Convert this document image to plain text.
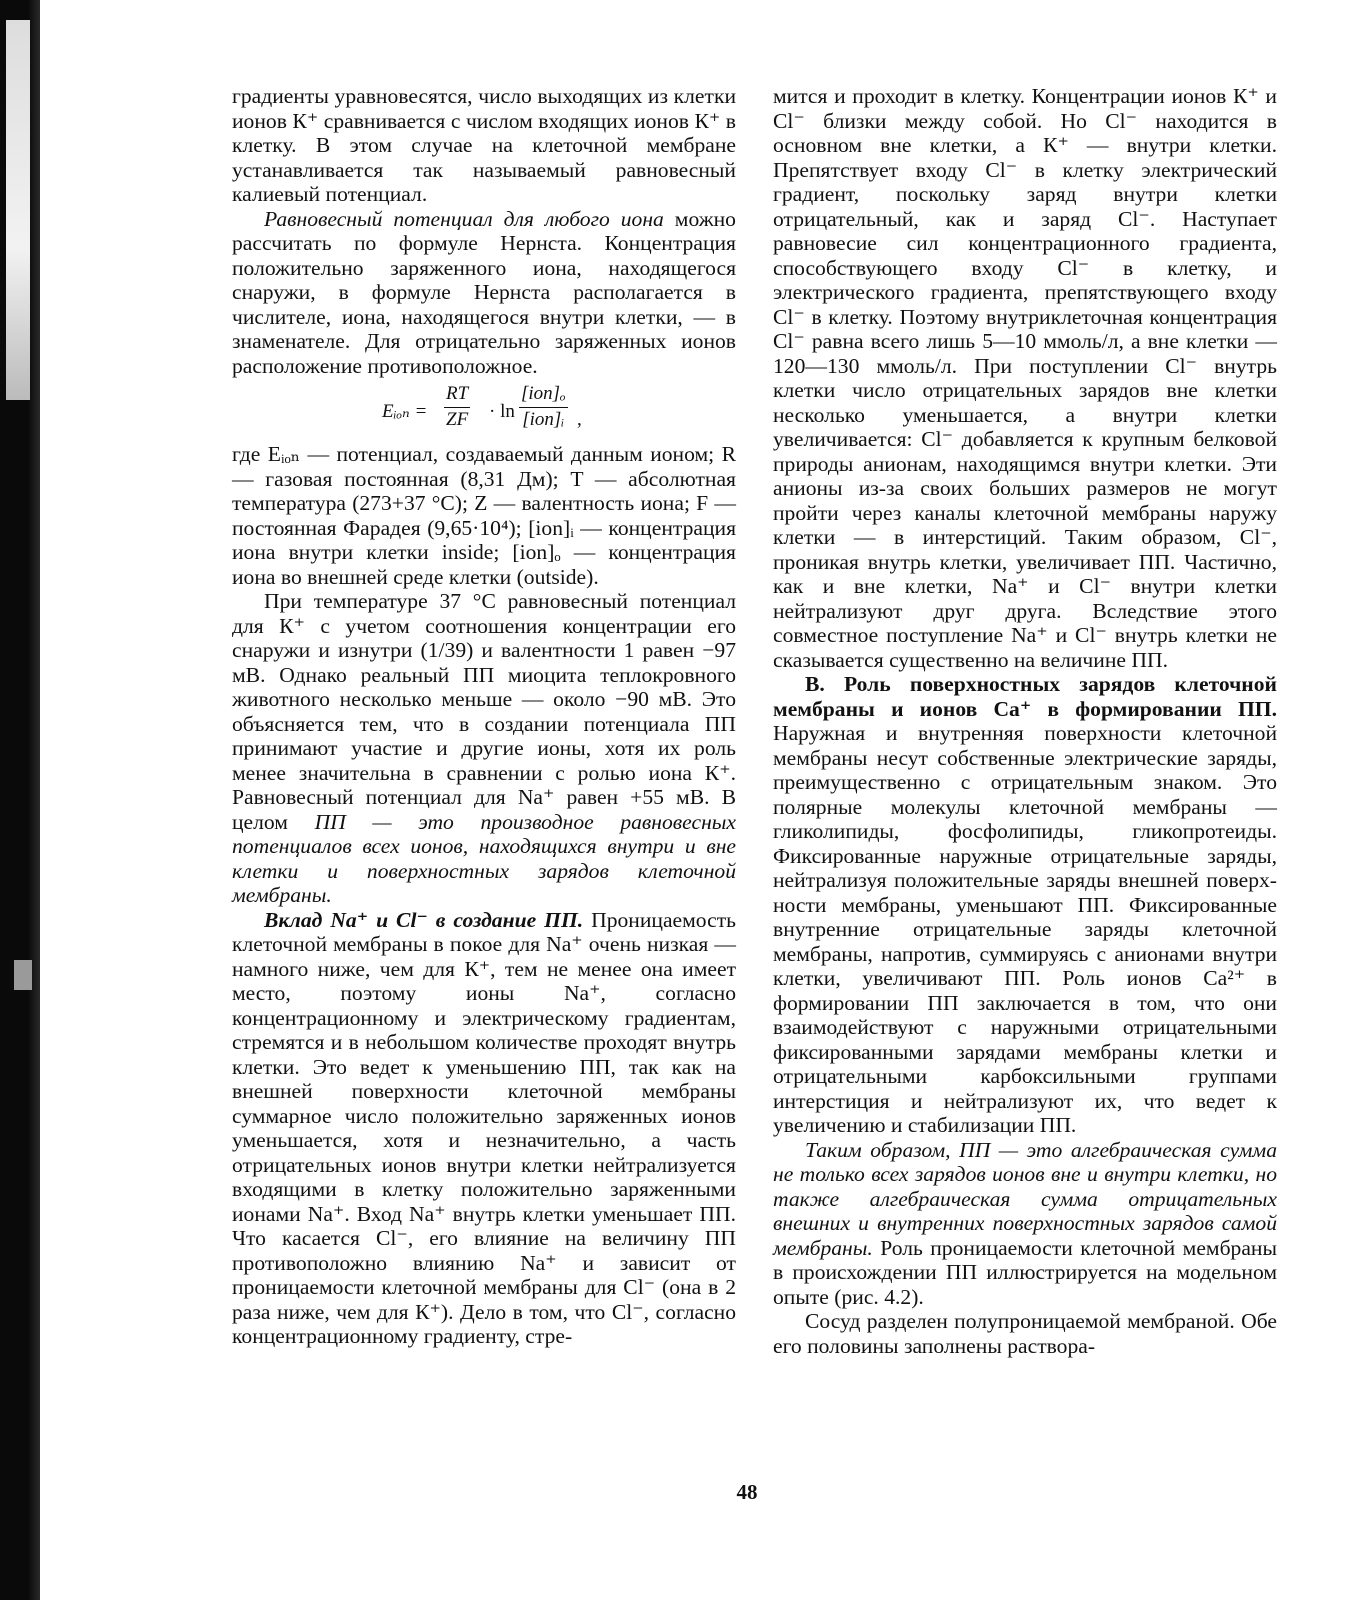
градиенты уравновесятся, число выходящих из клетки ионов К⁺ сравнивается с числом входящих ионов К⁺ в клетку. В этом случае на клеточной мембране устанавливается так называемый равновесный калиевый потенциал.

Равновесный потенциал для любого иона можно рассчитать по формуле Нернста. Концентрация положительно заряженного иона, находящегося снаружи, в формуле Нернста располагается в числителе, иона, находящегося внутри клетки, — в знаменателе. Для отрицательно заряженных ионов расположение противоположное.

Eᵢₒₙ = $\frac{RT}{ZF} \cdot \ln$
[ion]ₒ
[ion]ᵢ ,

где Eᵢₒₙ — потенциал, создаваемый данным ионом; R — газовая постоянная (8,31 Дм); T — абсолютная температура (273+37 °С); Z — валентность иона; F — постоянная Фарадея (9,65·10⁴); [ion]ᵢ — концентрация иона внутри клетки inside; [ion]ₒ — концентрация иона во внешней среде клетки (outside).

При температуре 37 °С равновесный потенциал для К⁺ с учетом соотношения концентрации его снаружи и изнутри (1/39) и валентности 1 равен −97 мВ. Однако реальный ПП миоцита теплокровного животного несколько меньше — около −90 мВ. Это объясняется тем, что в создании потенциала ПП принимают участие и другие ионы, хотя их роль менее значительна в сравнении с ролью иона К⁺. Равновесный потенциал для Na⁺ равен +55 мВ. В целом ПП — это производное равновесных потенциалов всех ионов, находящихся внутри и вне клетки и поверхностных зарядов клеточной мембраны.

Вклад Na⁺ и Cl⁻ в создание ПП. Проницаемость клеточной мембраны в покое для Na⁺ очень низкая — намного ниже, чем для К⁺, тем не менее она имеет место, поэтому ионы Na⁺, согласно концентрационному и электрическому градиентам, стремятся и в небольшом количестве проходят внутрь клетки. Это ведет к уменьшению ПП, так как на внешней поверхности клеточной мембраны суммарное число положительно заряженных ионов уменьшается, хотя и незначительно, а часть отрицательных ионов внутри клетки нейтрализуется входящими в клетку положительно заряженными ионами Na⁺. Вход Na⁺ внутрь клетки уменьшает ПП. Что касается Cl⁻, его влияние на величину ПП противоположно влиянию Na⁺ и зависит от проницаемости клеточной мембраны для Cl⁻ (она в 2 раза ниже, чем для К⁺). Дело в том, что Cl⁻, согласно концентрационному градиенту, стре-

мится и проходит в клетку. Концентрации ионов К⁺ и Cl⁻ близки между собой. Но Cl⁻ находится в основном вне клетки, а К⁺ — внутри клетки. Препятствует входу Cl⁻ в клетку электрический градиент, поскольку заряд внутри клетки отрицательный, как и заряд Cl⁻. Наступает равновесие сил концентрационного градиента, способствующего входу Cl⁻ в клетку, и электрического градиента, препятствующего входу Cl⁻ в клетку. Поэтому внутриклеточная концентрация Cl⁻ равна всего лишь 5—10 ммоль/л, а вне клетки — 120—130 ммоль/л. При поступлении Cl⁻ внутрь клетки число отрицательных зарядов вне клетки несколько уменьшается, а внутри клетки увеличивается: Cl⁻ добавляется к крупным белковой природы анионам, находящимся внутри клетки. Эти анионы из-за своих больших размеров не могут пройти через каналы клеточной мембраны наружу клетки — в интерстиций. Таким образом, Cl⁻, проникая внутрь клетки, увеличивает ПП. Частично, как и вне клетки, Na⁺ и Cl⁻ внутри клетки нейтрализуют друг друга. Вследствие этого совместное поступление Na⁺ и Cl⁻ внутрь клетки не сказывается существенно на величине ПП.

В. Роль поверхностных зарядов клеточной мембраны и ионов Са⁺ в формировании ПП. Наружная и внутренняя поверхности клеточной мембраны несут собственные электрические заряды, преимущественно с отрицательным знаком. Это полярные молекулы клеточной мембраны — гликолипиды, фосфолипиды, гликопротеиды. Фиксированные наружные отрицательные заряды, нейтрализуя положительные заряды внешней поверхности мембраны, уменьшают ПП. Фиксированные внутренние отрицательные заряды клеточной мембраны, напротив, суммируясь с анионами внутри клетки, увеличивают ПП. Роль ионов Са²⁺ в формировании ПП заключается в том, что они взаимодействуют с наружными отрицательными фиксированными зарядами мембраны клетки и отрицательными карбоксильными группами интерстиция и нейтрализуют их, что ведет к увеличению и стабилизации ПП.

Таким образом, ПП — это алгебраическая сумма не только всех зарядов ионов вне и внутри клетки, но также алгебраическая сумма отрицательных внешних и внутренних поверхностных зарядов самой мембраны. Роль проницаемости клеточной мембраны в происхождении ПП иллюстрируется на модельном опыте (рис. 4.2).

Сосуд разделен полупроницаемой мембраной. Обе его половины заполнены раствора-

48
